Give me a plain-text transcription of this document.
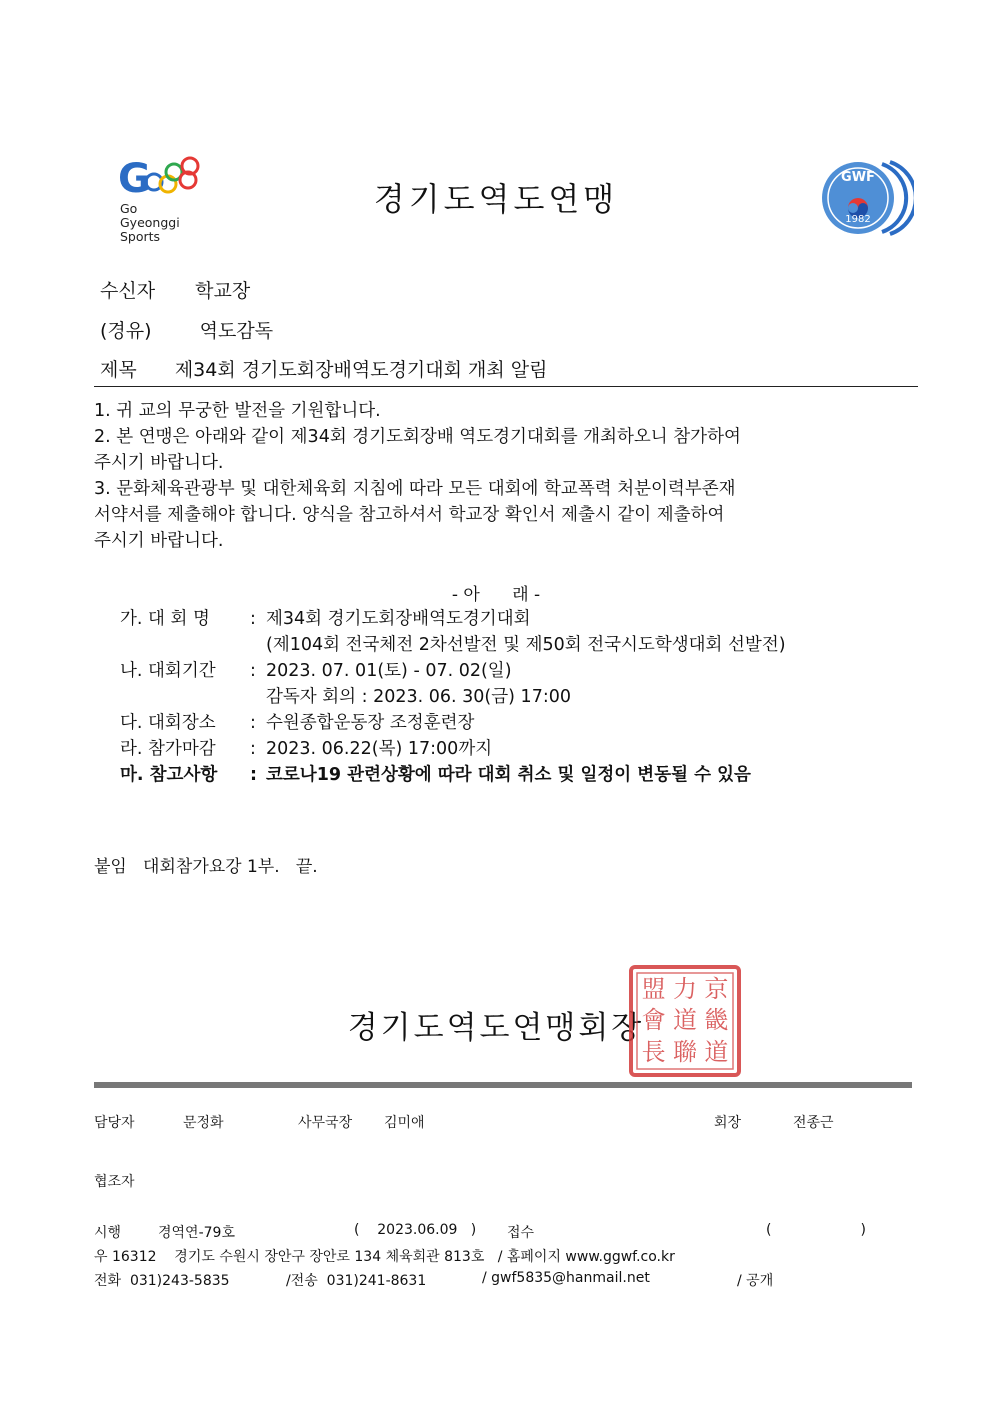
G
Go
Gyeonggi
Sports
경기도역도연맹
GWF
1982
수신자 학교장
(경유)	역도감독
제목 제34회 경기도회장배역도경기대회 개최 알림
1. 귀 교의 무궁한 발전을 기원합니다.
2. 본 연맹은 아래와 같이 제34회 경기도회장배 역도경기대회를 개최하오니 참가하여
주시기 바랍니다.
3. 문화체육관광부 및 대한체육회 지침에 따라 모든 대회에 학교폭력 처분이력부존재
서약서를 제출해야 합니다. 양식을 참고하셔서 학교장 확인서 제출시 같이 제출하여
주시기 바랍니다.
- 아      래 -
가. 대 회 명	: 제34회 경기도회장배역도경기대회
(제104회 전국체전 2차선발전 및 제50회 전국시도학생대회 선발전)
나. 대회기간	: 2023. 07. 01(토) - 07. 02(일)
감독자 회의 : 2023. 06. 30(금) 17:00
다. 대회장소	: 수원종합운동장 조정훈련장
라. 참가마감	: 2023. 06.22(목) 17:00까지
마. 참고사항	: 코로나19 관련상황에 따라 대회 취소 및 일정이 변동될 수 있음
붙임   대회참가요강 1부.   끝.
경기도역도연맹회장
盟 力 京
會 道 畿
長 聯 道
담당자	문정화	사무국장 김미애	회장	전종근
협조자
시행	경역연-79호	(    2023.06.09   ) 접수	(                    )
우 16312    경기도 수원시 장안구 장안로 134 체육회관 813호   / 홈페이지 www.ggwf.co.kr
전화  031)243-5835	/전송  031)241-8631	/ gwf5835@hanmail.net	/ 공개
